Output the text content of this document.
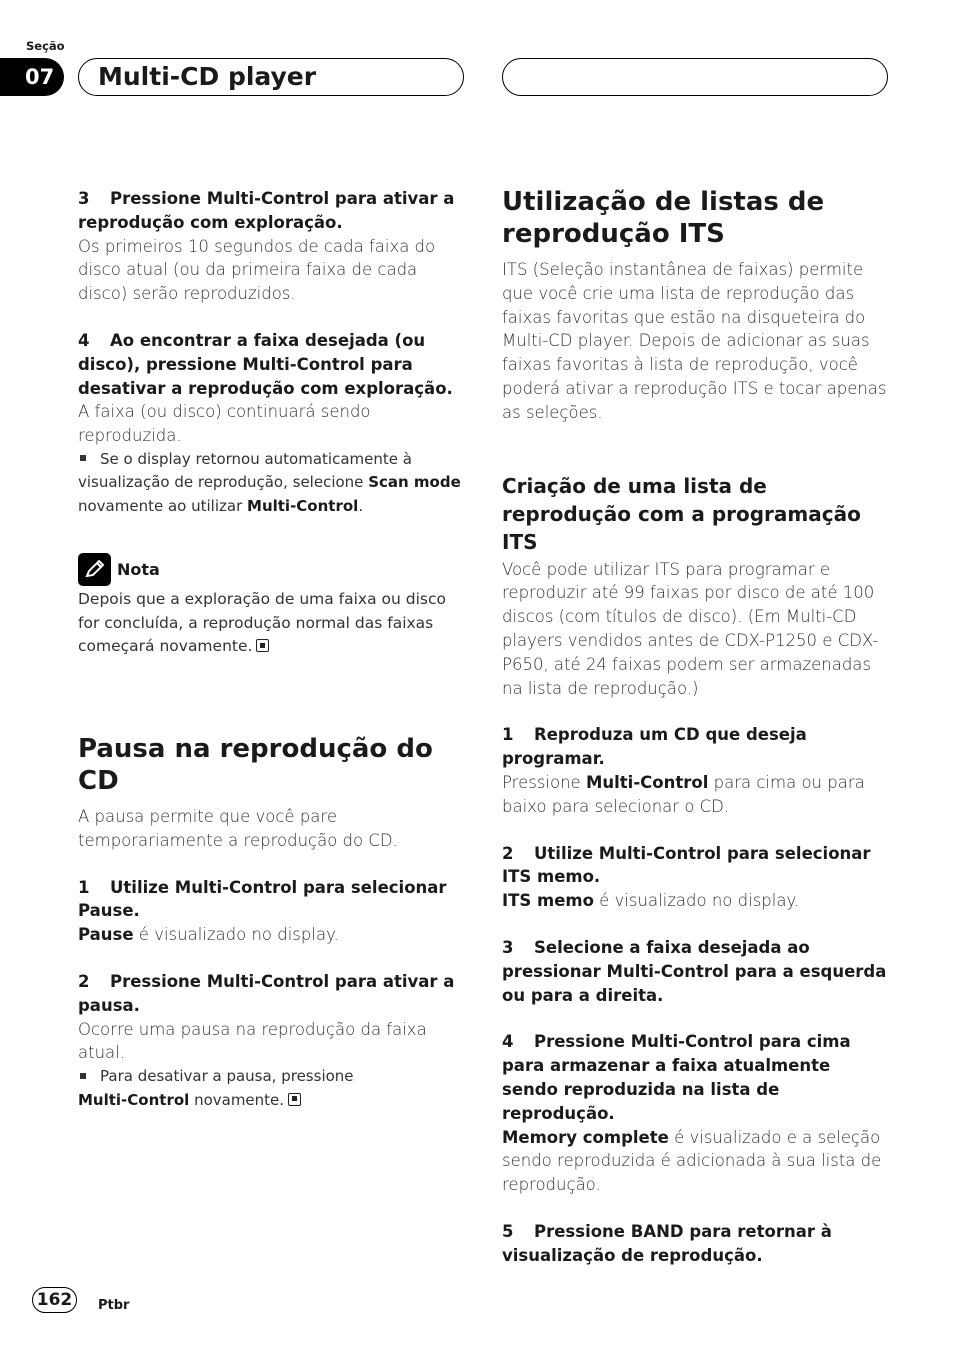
Seção
07	Multi-CD player

3 Pressione Multi-Control para ativar a reprodução com exploração.

Os primeiros 10 segundos de cada faixa do disco atual (ou da primeira faixa de cada disco) serão reproduzidos.

4 Ao encontrar a faixa desejada (ou disco), pressione Multi-Control para desativar a reprodução com exploração.

A faixa (ou disco) continuará sendo reproduzida.

Se o display retornou automaticamente à visualização de reprodução, selecione Scan mode novamente ao utilizar Multi-Control.

Nota

Depois que a exploração de uma faixa ou disco for concluída, a reprodução normal das faixas começará novamente.

Pausa na reprodução do CD

A pausa permite que você pare temporariamente a reprodução do CD.

1 Utilize Multi-Control para selecionar Pause.

Pause é visualizado no display.

2 Pressione Multi-Control para ativar a pausa.

Ocorre uma pausa na reprodução da faixa atual.

Para desativar a pausa, pressione
Multi-Control novamente.

Utilização de listas de reprodução ITS

ITS (Seleção instantânea de faixas) permite que você crie uma lista de reprodução das faixas favoritas que estão na disqueteira do Multi-CD player. Depois de adicionar as suas faixas favoritas à lista de reprodução, você poderá ativar a reprodução ITS e tocar apenas as seleções.

Criação de uma lista de reprodução com a programação ITS

Você pode utilizar ITS para programar e reproduzir até 99 faixas por disco de até 100 discos (com títulos de disco). (Em Multi-CD players vendidos antes de CDX-P1250 e CDX-P650, até 24 faixas podem ser armazenadas na lista de reprodução.)

1 Reproduza um CD que deseja programar.

Pressione Multi-Control para cima ou para baixo para selecionar o CD.

2 Utilize Multi-Control para selecionar ITS memo.

ITS memo é visualizado no display.

3 Selecione a faixa desejada ao pressionar Multi-Control para a esquerda ou para a direita.

4 Pressione Multi-Control para cima para armazenar a faixa atualmente sendo reproduzida na lista de reprodução.

Memory complete é visualizado e a seleção sendo reproduzida é adicionada à sua lista de reprodução.

5 Pressione BAND para retornar à visualização de reprodução.

162	Ptbr
